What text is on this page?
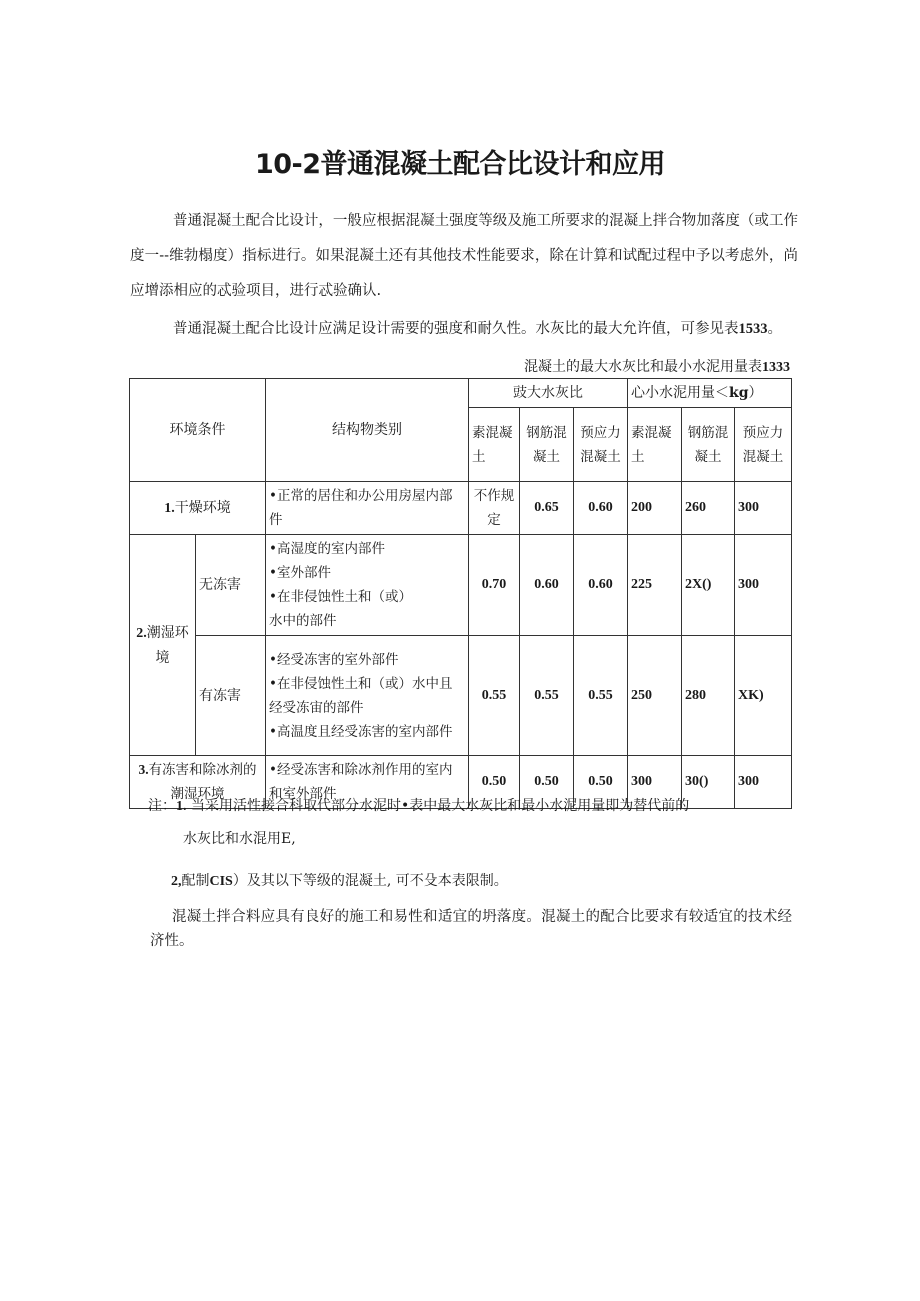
10-2普通混凝土配合比设计和应用
普通混凝土配合比设计，一般应根据混凝土强度等级及施工所要求的混凝上拌合物加落度（或工作度一--维勃榻度）指标进行。如果混凝土还有其他技术性能要求，除在计算和试配过程中予以考虑外，尚应增添相应的忒验项目，进行忒验确认.
普通混凝土配合比设计应满足设计需要的强度和耐久性。水灰比的最大允许值，可参见表1533。
混凝土的最大水灰比和最小水泥用量表1333
环境条件		结构物类别	豉大水灰比			心小水泥用量＜kg）		
			素混凝土	钢筋混凝土	预应力混凝土	素混凝土	钢筋混凝土	预应力混凝土
1.干燥环境		•正常的居住和办公用房屋内部件	不作规定	0.65	0.60	200	260	300
2.潮湿环境	无冻害	•高湿度的室内部件
•室外部件
•在非侵蚀性土和（或）
水中的部件	0.70	0.60	0.60	225	2X()	300
	有冻害	•经受冻害的室外部件
•在非侵蚀性土和（或）水中且经受冻宙的部件
•高温度且经受冻害的室内部件	0.55	0.55	0.55	250	280	XK)
3.有冻害和除冰剂的潮湿环境		•经受冻害和除冰剂作用的室内和室外部件	0.50	0.50	0.50	300	30()	300
注：1. 当采用活性接合科取代部分水泥时•表中最大水灰比和最小水泥用量即为替代前的
水灰比和水混用E,
2,配制CIS）及其以下等级的混凝土, 可不殳本表限制。
混凝土拌合料应具有良好的施工和易性和适宜的坍落度。混凝土的配合比要求有较适宜的技术经济性。
